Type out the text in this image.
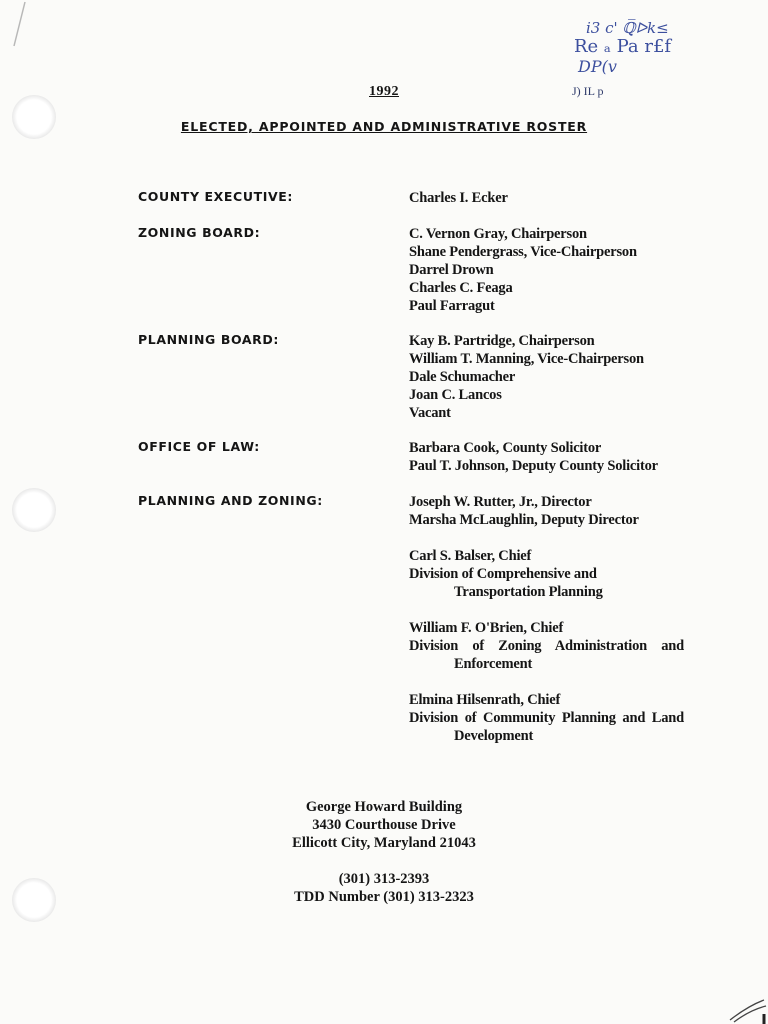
i3 c' ℚ̅ᐅk≤
Re ₐ Pa r£f
DP(v
J) IL p
1992
ELECTED, APPOINTED AND ADMINISTRATIVE ROSTER
COUNTY EXECUTIVE:	Charles I. Ecker
ZONING BOARD:	C. Vernon Gray, Chairperson
Shane Pendergrass, Vice-Chairperson
Darrel Drown
Charles C. Feaga
Paul Farragut
PLANNING BOARD:	Kay B. Partridge, Chairperson
William T. Manning, Vice-Chairperson
Dale Schumacher
Joan C. Lancos
Vacant
OFFICE OF LAW:	Barbara Cook, County Solicitor
Paul T. Johnson, Deputy County Solicitor
PLANNING AND ZONING:	Joseph W. Rutter, Jr., Director
Marsha McLaughlin, Deputy Director
Carl S. Balser, Chief
Division of Comprehensive and
Transportation Planning
William F. O'Brien, Chief
Division of Zoning Administration and
Enforcement
Elmina Hilsenrath, Chief
Division of Community Planning and Land
Development
George Howard Building
3430 Courthouse Drive
Ellicott City, Maryland 21043
(301) 313-2393
TDD Number (301) 313-2323
